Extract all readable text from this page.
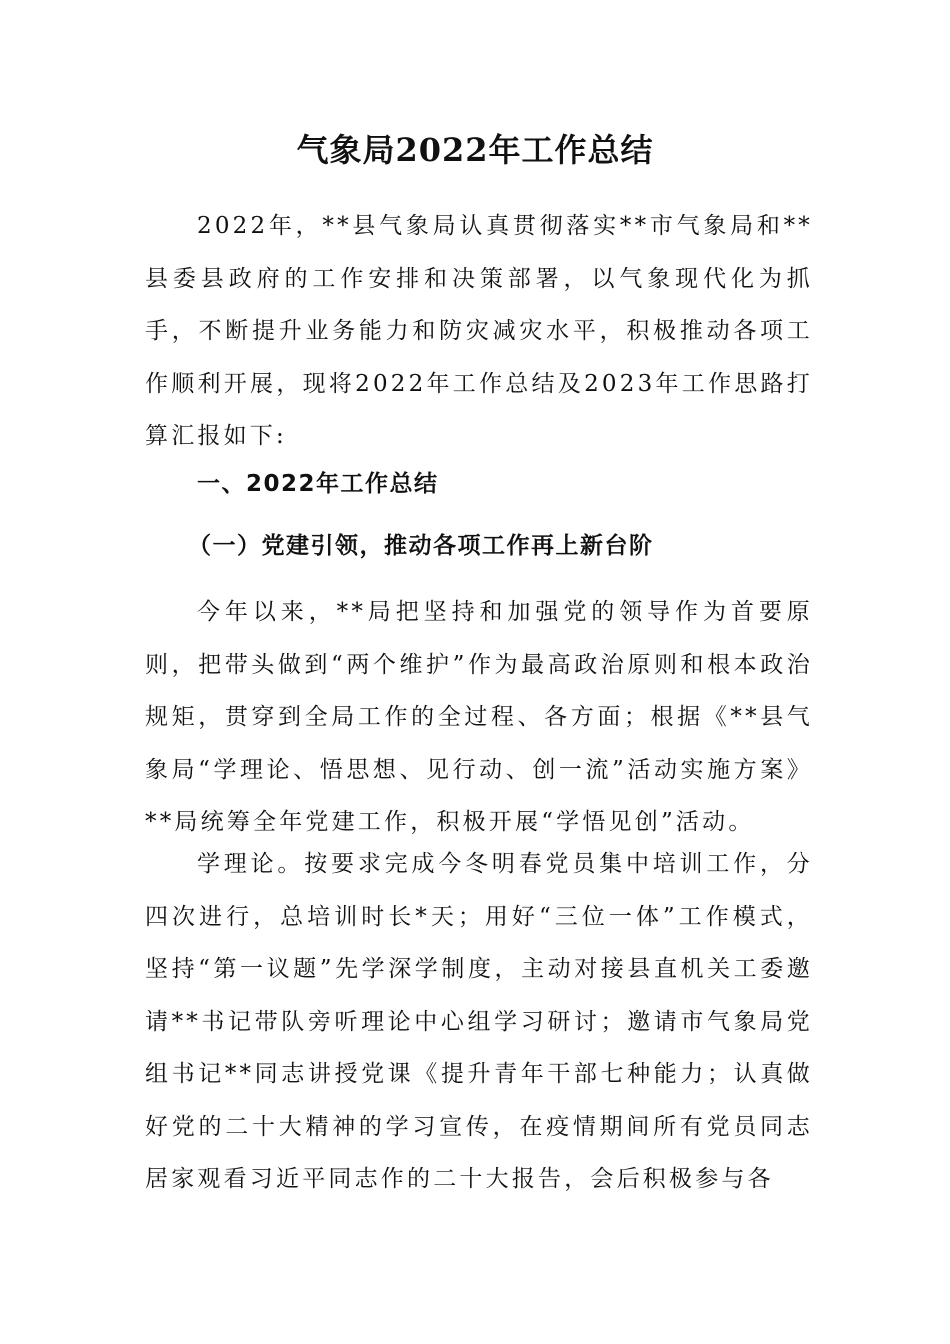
气象局2022年工作总结

2022年，**县气象局认真贯彻落实**市气象局和**县委县政府的工作安排和决策部署，以气象现代化为抓手，不断提升业务能力和防灾减灾水平，积极推动各项工作顺利开展，现将2022年工作总结及2023年工作思路打算汇报如下:

一、2022年工作总结
（一）党建引领，推动各项工作再上新台阶

今年以来，**局把坚持和加强党的领导作为首要原则，把带头做到“两个维护”作为最高政治原则和根本政治规矩，贯穿到全局工作的全过程、各方面；根据《**县气象局“学理论、悟思想、见行动、创一流”活动实施方案》**局统筹全年党建工作，积极开展“学悟见创”活动。

学理论。按要求完成今冬明春党员集中培训工作，分四次进行，总培训时长*天；用好“三位一体”工作模式，坚持“第一议题”先学深学制度，主动对接县直机关工委邀请**书记带队旁听理论中心组学习研讨；邀请市气象局党组书记**同志讲授党课《提升青年干部七种能力；认真做好党的二十大精神的学习宣传，在疫情期间所有党员同志居家观看习近平同志作的二十大报告，会后积极参与各
